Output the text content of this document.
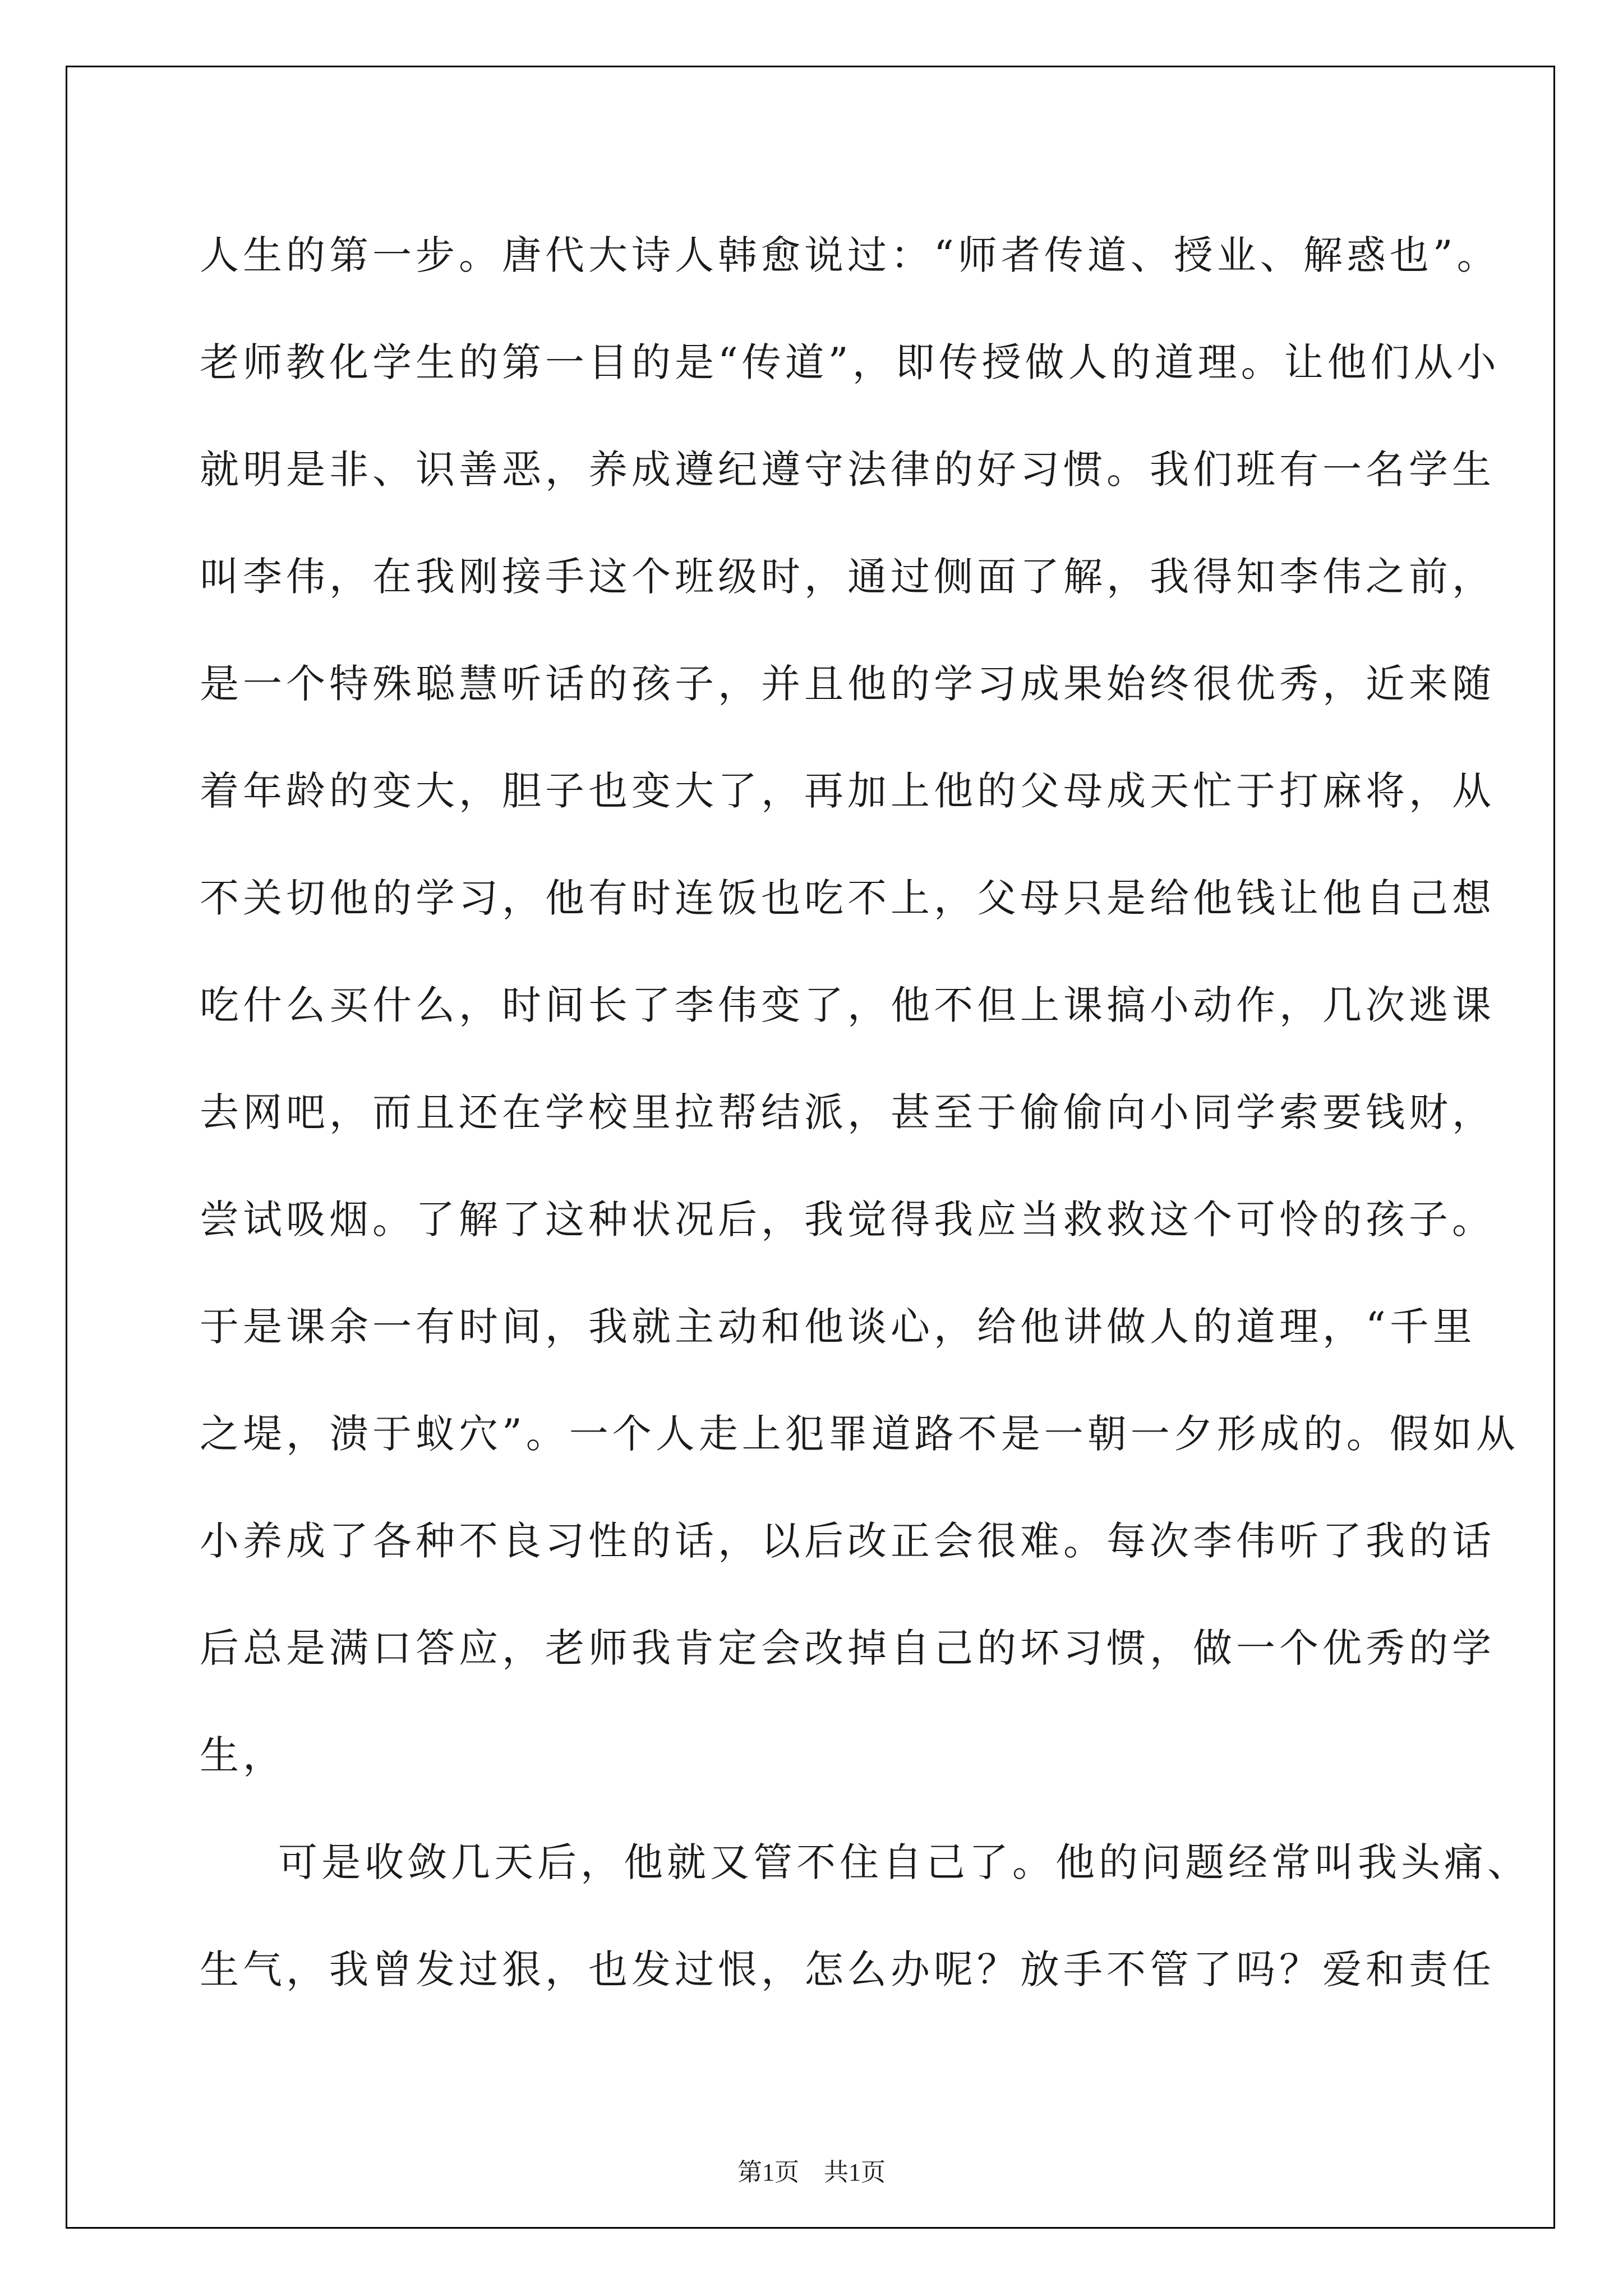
人生的第一步。唐代大诗人韩愈说过：“师者传道、授业、解惑也”。
老师教化学生的第一目的是“传道”，即传授做人的道理。让他们从小
就明是非、识善恶，养成遵纪遵守法律的好习惯。我们班有一名学生
叫李伟，在我刚接手这个班级时，通过侧面了解，我得知李伟之前，
是一个特殊聪慧听话的孩子，并且他的学习成果始终很优秀，近来随
着年龄的变大，胆子也变大了，再加上他的父母成天忙于打麻将，从
不关切他的学习，他有时连饭也吃不上，父母只是给他钱让他自己想
吃什么买什么，时间长了李伟变了，他不但上课搞小动作，几次逃课
去网吧，而且还在学校里拉帮结派，甚至于偷偷向小同学索要钱财，
尝试吸烟。了解了这种状况后，我觉得我应当救救这个可怜的孩子。
于是课余一有时间，我就主动和他谈心，给他讲做人的道理，“千里
之堤，溃于蚁穴”。一个人走上犯罪道路不是一朝一夕形成的。假如从
小养成了各种不良习性的话，以后改正会很难。每次李伟听了我的话
后总是满口答应，老师我肯定会改掉自己的坏习惯，做一个优秀的学
生，
可是收敛几天后，他就又管不住自己了。他的问题经常叫我头痛、
生气，我曾发过狠，也发过恨，怎么办呢？放手不管了吗？爱和责任
第1页　共1页
